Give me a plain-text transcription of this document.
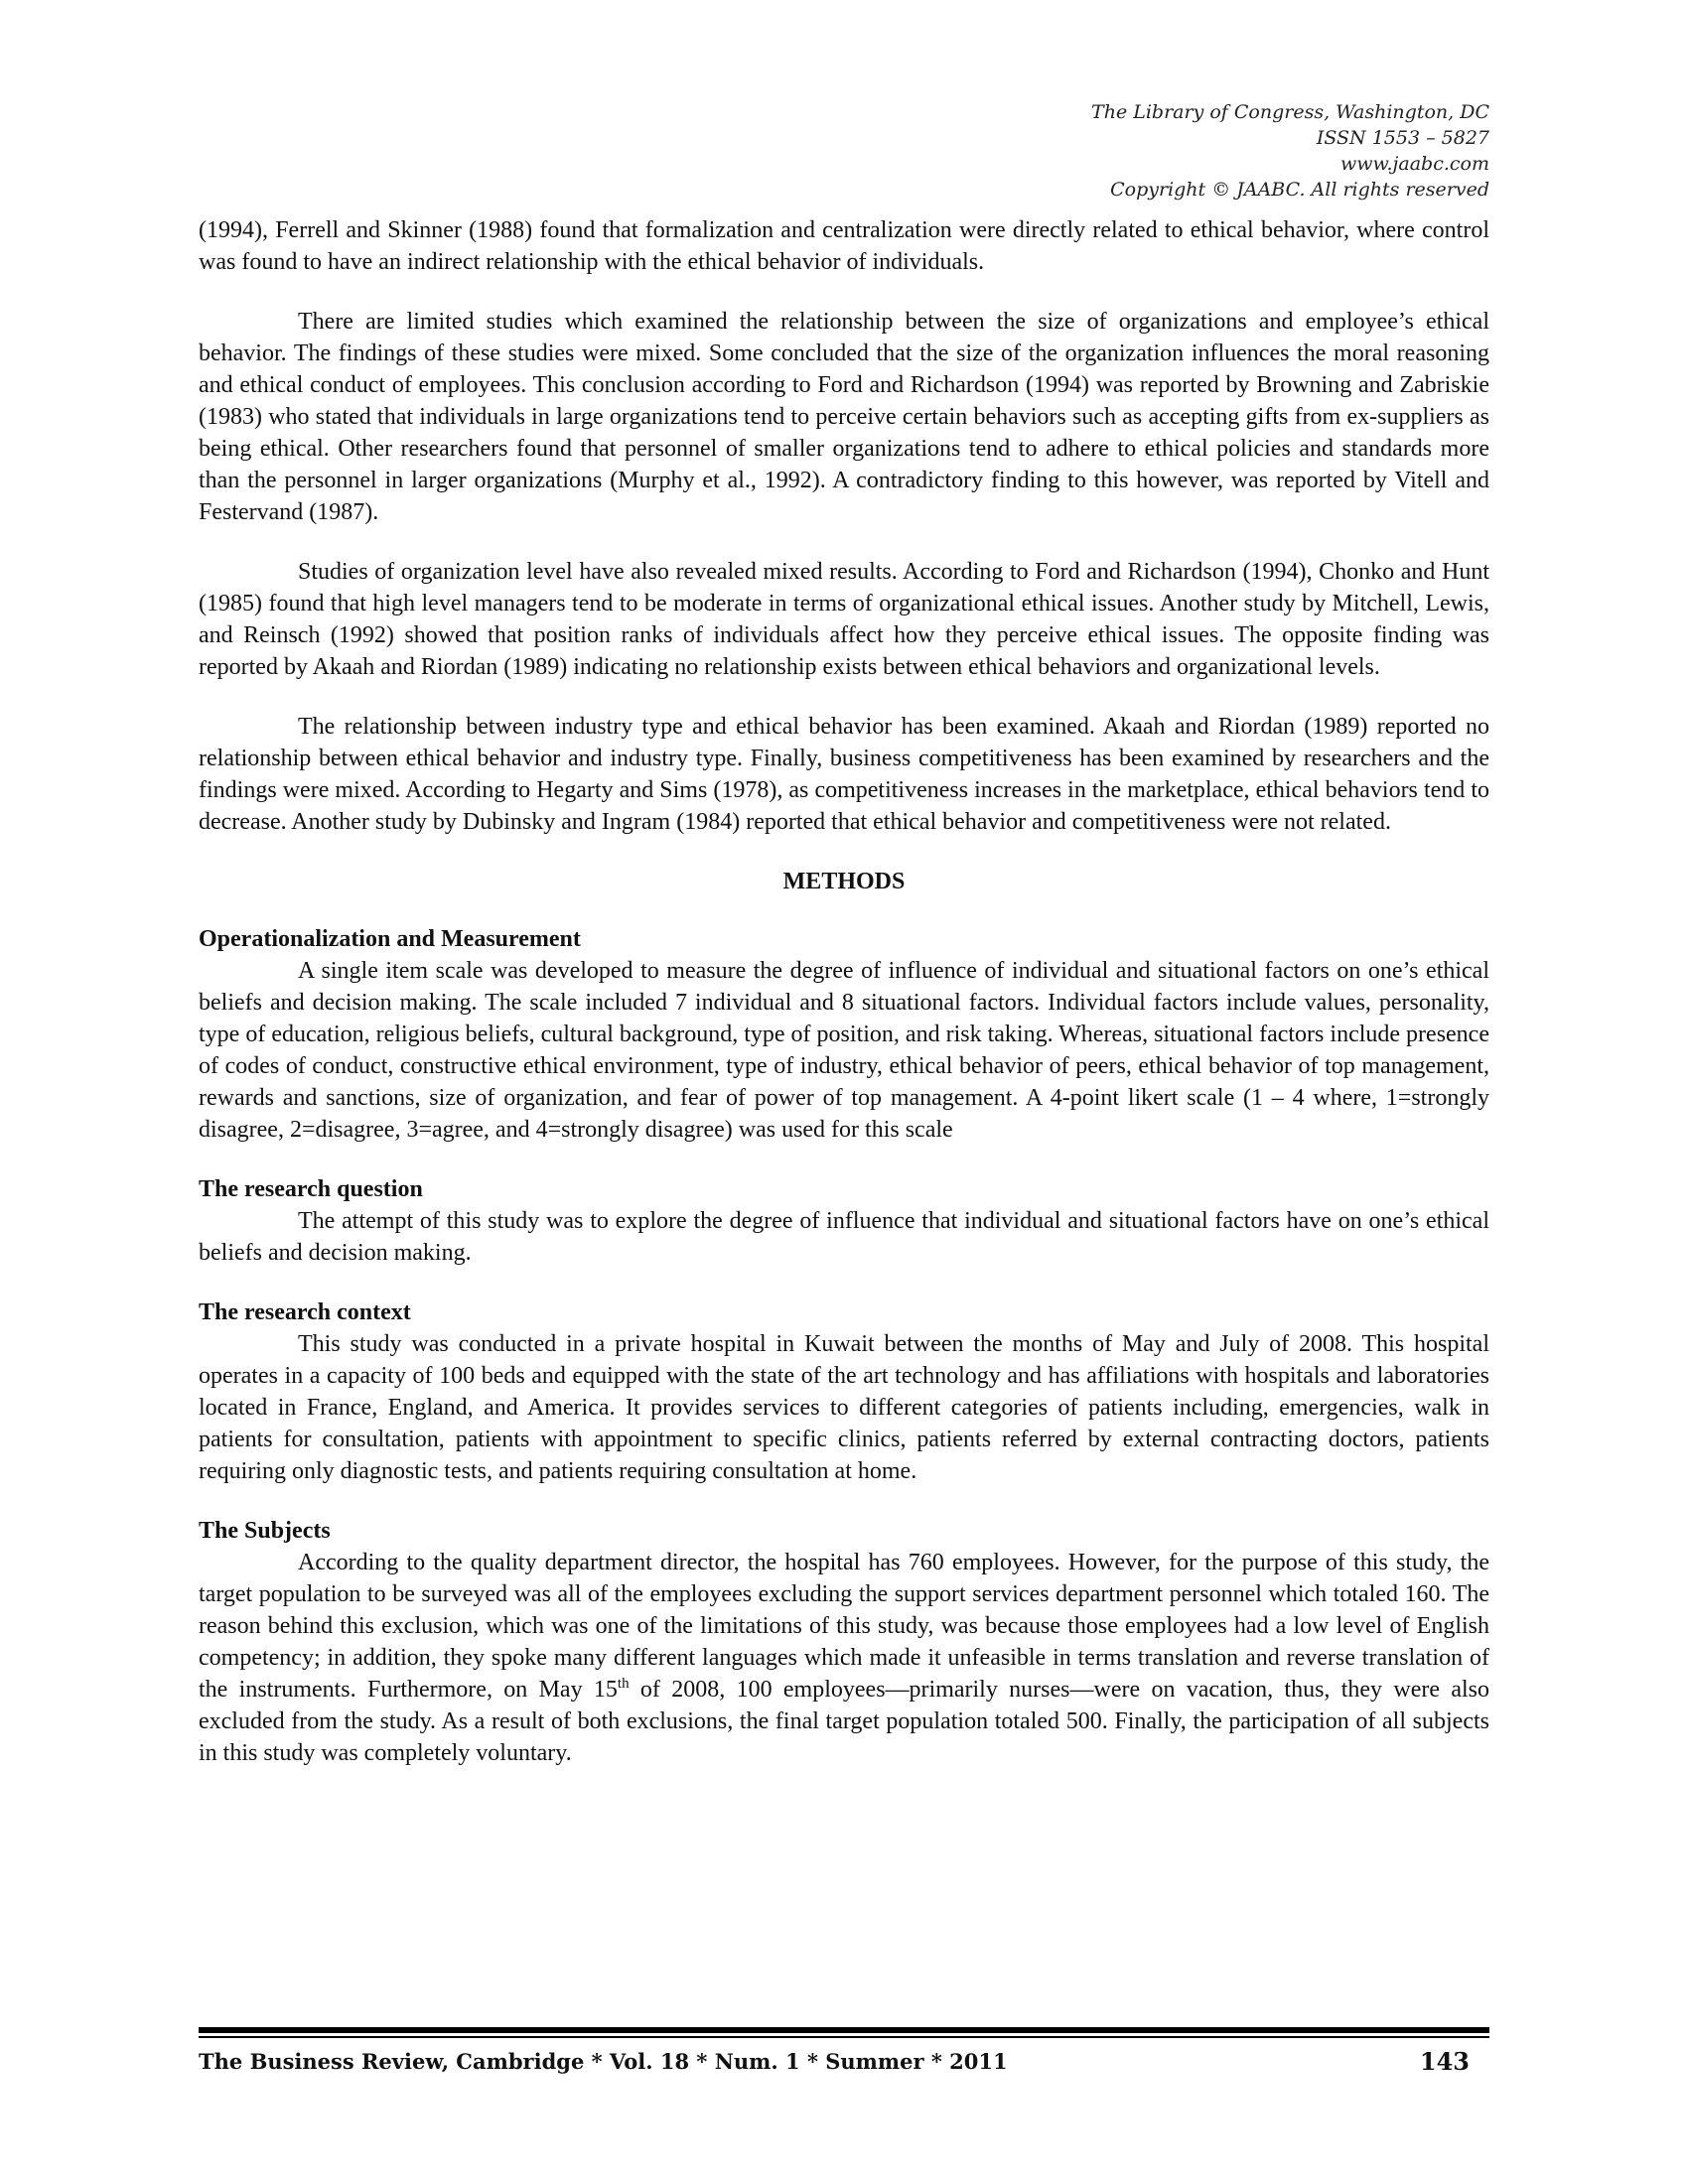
The Library of Congress, Washington, DC
ISSN 1553 – 5827
www.jaabc.com
Copyright © JAABC. All rights reserved

(1994), Ferrell and Skinner (1988) found that formalization and centralization were directly related to ethical behavior, where control was found to have an indirect relationship with the ethical behavior of individuals.

There are limited studies which examined the relationship between the size of organizations and employee’s ethical behavior. The findings of these studies were mixed. Some concluded that the size of the organization influences the moral reasoning and ethical conduct of employees. This conclusion according to Ford and Richardson (1994) was reported by Browning and Zabriskie (1983) who stated that individuals in large organizations tend to perceive certain behaviors such as accepting gifts from ex-suppliers as being ethical. Other researchers found that personnel of smaller organizations tend to adhere to ethical policies and standards more than the personnel in larger organizations (Murphy et al., 1992). A contradictory finding to this however, was reported by Vitell and Festervand (1987).

Studies of organization level have also revealed mixed results. According to Ford and Richardson (1994), Chonko and Hunt (1985) found that high level managers tend to be moderate in terms of organizational ethical issues. Another study by Mitchell, Lewis, and Reinsch (1992) showed that position ranks of individuals affect how they perceive ethical issues. The opposite finding was reported by Akaah and Riordan (1989) indicating no relationship exists between ethical behaviors and organizational levels.

The relationship between industry type and ethical behavior has been examined. Akaah and Riordan (1989) reported no relationship between ethical behavior and industry type. Finally, business competitiveness has been examined by researchers and the findings were mixed. According to Hegarty and Sims (1978), as competitiveness increases in the marketplace, ethical behaviors tend to decrease. Another study by Dubinsky and Ingram (1984) reported that ethical behavior and competitiveness were not related.

METHODS

Operationalization and Measurement

A single item scale was developed to measure the degree of influence of individual and situational factors on one’s ethical beliefs and decision making. The scale included 7 individual and 8 situational factors. Individual factors include values, personality, type of education, religious beliefs, cultural background, type of position, and risk taking. Whereas, situational factors include presence of codes of conduct, constructive ethical environment, type of industry, ethical behavior of peers, ethical behavior of top management, rewards and sanctions, size of organization, and fear of power of top management. A 4-point likert scale (1 – 4 where, 1=strongly disagree, 2=disagree, 3=agree, and 4=strongly disagree) was used for this scale

The research question

The attempt of this study was to explore the degree of influence that individual and situational factors have on one’s ethical beliefs and decision making.

The research context

This study was conducted in a private hospital in Kuwait between the months of May and July of 2008. This hospital operates in a capacity of 100 beds and equipped with the state of the art technology and has affiliations with hospitals and laboratories located in France, England, and America. It provides services to different categories of patients including, emergencies, walk in patients for consultation, patients with appointment to specific clinics, patients referred by external contracting doctors, patients requiring only diagnostic tests, and patients requiring consultation at home.

The Subjects

According to the quality department director, the hospital has 760 employees. However, for the purpose of this study, the target population to be surveyed was all of the employees excluding the support services department personnel which totaled 160. The reason behind this exclusion, which was one of the limitations of this study, was because those employees had a low level of English competency; in addition, they spoke many different languages which made it unfeasible in terms translation and reverse translation of the instruments. Furthermore, on May 15th of 2008, 100 employees—primarily nurses—were on vacation, thus, they were also excluded from the study. As a result of both exclusions, the final target population totaled 500. Finally, the participation of all subjects in this study was completely voluntary.

The Business Review, Cambridge * Vol. 18 * Num. 1 * Summer * 2011	143
